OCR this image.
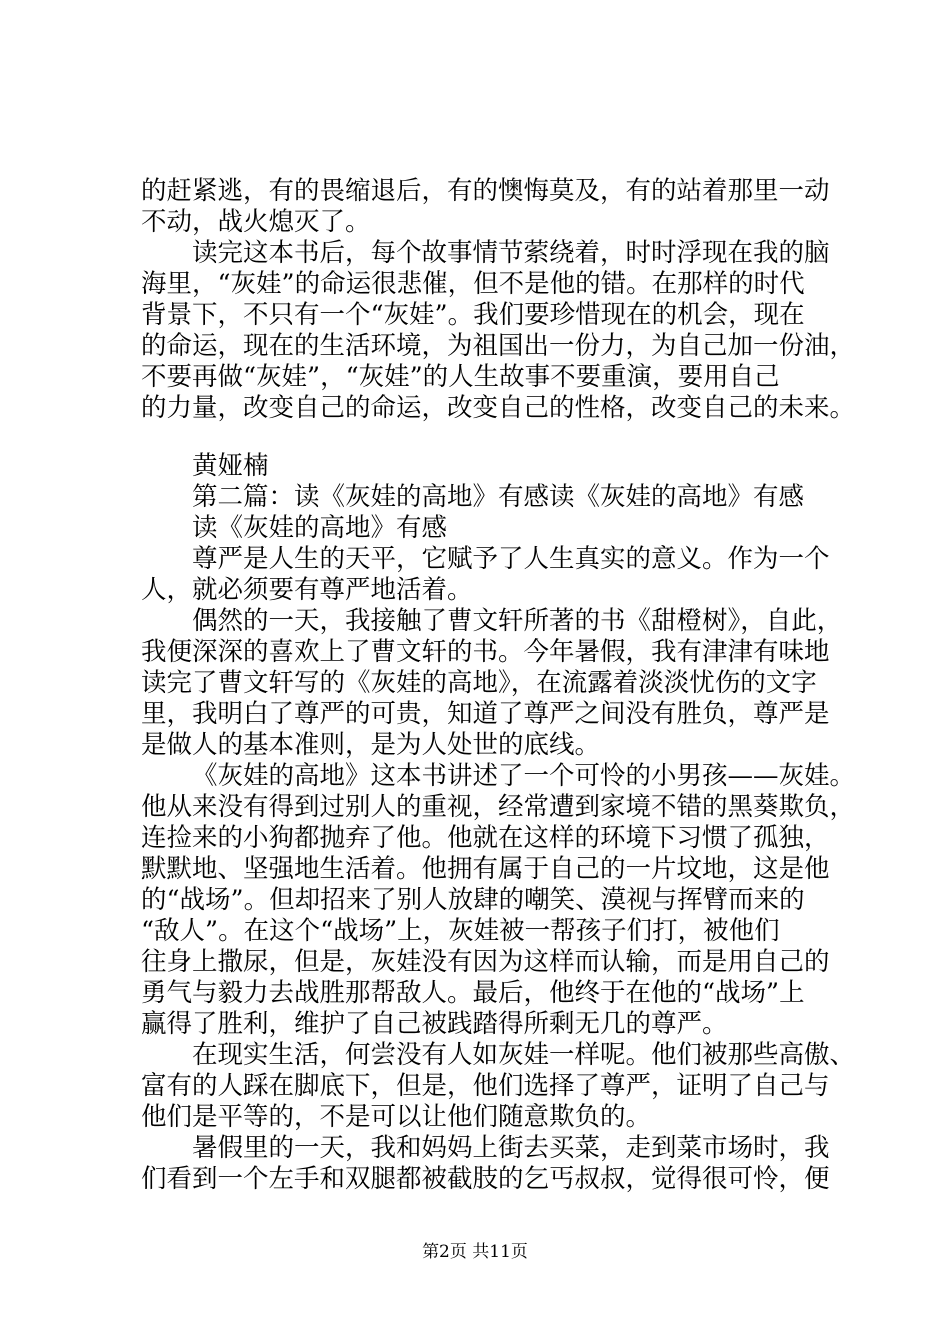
的赶紧逃，有的畏缩退后，有的懊悔莫及，有的站着那里一动
不动，战火熄灭了。
读完这本书后，每个故事情节萦绕着，时时浮现在我的脑
海里，“灰娃”的命运很悲催，但不是他的错。在那样的时代
背景下，不只有一个“灰娃”。我们要珍惜现在的机会，现在
的命运，现在的生活环境，为祖国出一份力，为自己加一份油，
不要再做“灰娃”，“灰娃”的人生故事不要重演，要用自己
的力量，改变自己的命运，改变自己的性格，改变自己的未来。
黄娅楠
第二篇：读《灰娃的高地》有感读《灰娃的高地》有感
读《灰娃的高地》有感
尊严是人生的天平，它赋予了人生真实的意义。作为一个
人，就必须要有尊严地活着。
偶然的一天，我接触了曹文轩所著的书《甜橙树》，自此，
我便深深的喜欢上了曹文轩的书。今年暑假，我有津津有味地
读完了曹文轩写的《灰娃的高地》，在流露着淡淡忧伤的文字
里，我明白了尊严的可贵，知道了尊严之间没有胜负，尊严是
是做人的基本准则，是为人处世的底线。
《灰娃的高地》这本书讲述了一个可怜的小男孩——灰娃。
他从来没有得到过别人的重视，经常遭到家境不错的黑葵欺负，
连捡来的小狗都抛弃了他。他就在这样的环境下习惯了孤独，
默默地、坚强地生活着。他拥有属于自己的一片坟地，这是他
的“战场”。但却招来了别人放肆的嘲笑、漠视与挥臂而来的
“敌人”。在这个“战场”上，灰娃被一帮孩子们打，被他们
往身上撒尿，但是，灰娃没有因为这样而认输，而是用自己的
勇气与毅力去战胜那帮敌人。最后，他终于在他的“战场”上
赢得了胜利，维护了自己被践踏得所剩无几的尊严。
在现实生活，何尝没有人如灰娃一样呢。他们被那些高傲、
富有的人踩在脚底下，但是，他们选择了尊严，证明了自己与
他们是平等的，不是可以让他们随意欺负的。
暑假里的一天，我和妈妈上街去买菜，走到菜市场时，我
们看到一个左手和双腿都被截肢的乞丐叔叔，觉得很可怜，便
第2页 共11页
